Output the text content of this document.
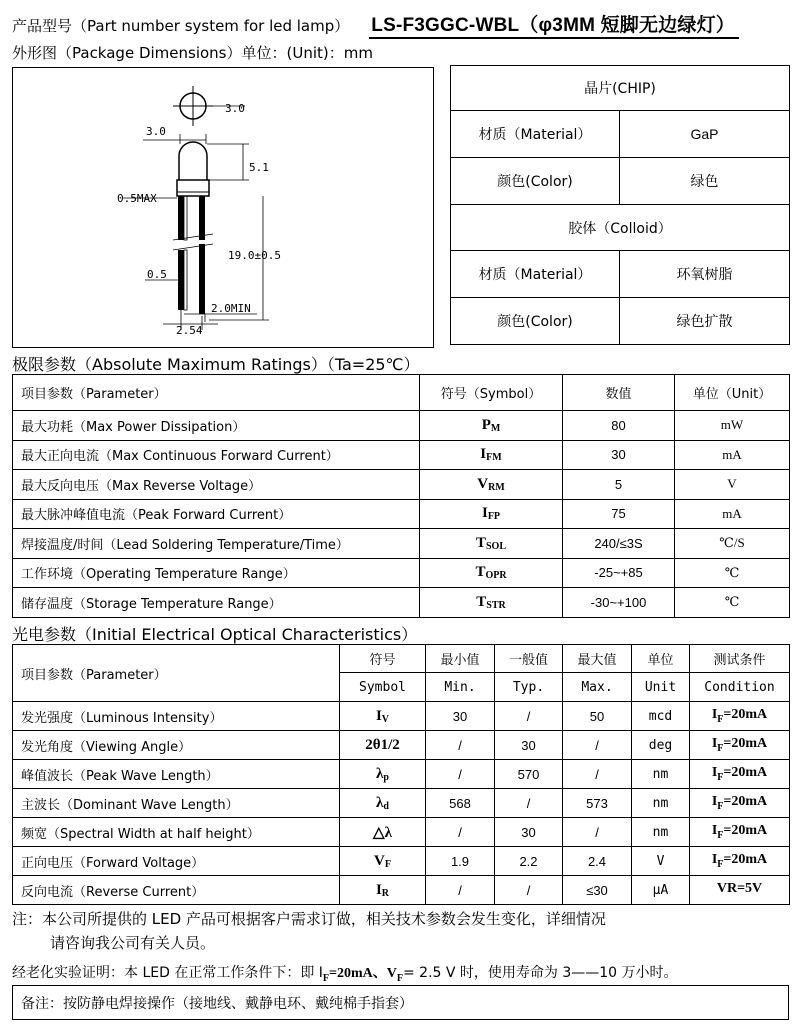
产品型号（Part number system for led lamp） LS-F3GGC-WBL（φ3MM 短脚无边绿灯）
外形图（Package Dimensions）单位：(Unit)：mm
3.0
3.0
5.1
0.5MAX
19.0±0.5
0.5
2.0MIN
2.54
晶片(CHIP)	
材质（Material）	GaP
颜色(Color)	绿色
胶体（Colloid）	
材质（Material）	环氧树脂
颜色(Color)	绿色扩散
极限参数（Absolute Maximum Ratings）（Ta=25℃）
项目参数（Parameter）	符号（Symbol）	数值	单位（Unit）
最大功耗（Max Power Dissipation）	$P_M$	80	mW
最大正向电流（Max Continuous Forward Current）	$I_{FM}$	30	mA
最大反向电压（Max Reverse Voltage）	$V_{RM}$	5	V
最大脉冲峰值电流（Peak Forward Current）	$I_{FP}$	75	mA
焊接温度/时间（Lead Soldering Temperature/Time）	$T_{SOL}$	240/≤3S	℃/S
工作环境（Operating Temperature Range）	$T_{OPR}$	-25~+85	℃
储存温度（Storage Temperature Range）	$T_{STR}$	-30~+100	℃
光电参数（Initial Electrical Optical Characteristics）
项目参数（Parameter）	符号	最小值	一般值	最大值	单位	测试条件
	Symbol	Min.	Typ.	Max.	Unit	Condition
发光强度（Luminous Intensity）	$I_V$	30	/	50	mcd	$I_F=20mA$
发光角度（Viewing Angle）	2θ1/2	/	30	/	deg	$I_F=20mA$
峰值波长（Peak Wave Length）	$\lambda_p$	/	570	/	nm	$I_F=20mA$
主波长（Dominant Wave Length）	$\lambda_d$	568	/	573	nm	$I_F=20mA$
频宽（Spectral Width at half height）	△λ	/	30	/	nm	$I_F=20mA$
正向电压（Forward Voltage）	$V_F$	1.9	2.2	2.4	V	$I_F=20mA$
反向电流（Reverse Current）	$I_R$	/	/	≤30	μA	VR=5V
注：本公司所提供的 LED 产品可根据客户需求订做，相关技术参数会发生变化，详细情况
请咨询我公司有关人员。
经老化实验证明：本 LED 在正常工作条件下：即 $I_F=20mA$、$V_F= 2.5$ V 时，使用寿命为 3——10 万小时。
备注：按防静电焊接操作（接地线、戴静电环、戴纯棉手指套）
